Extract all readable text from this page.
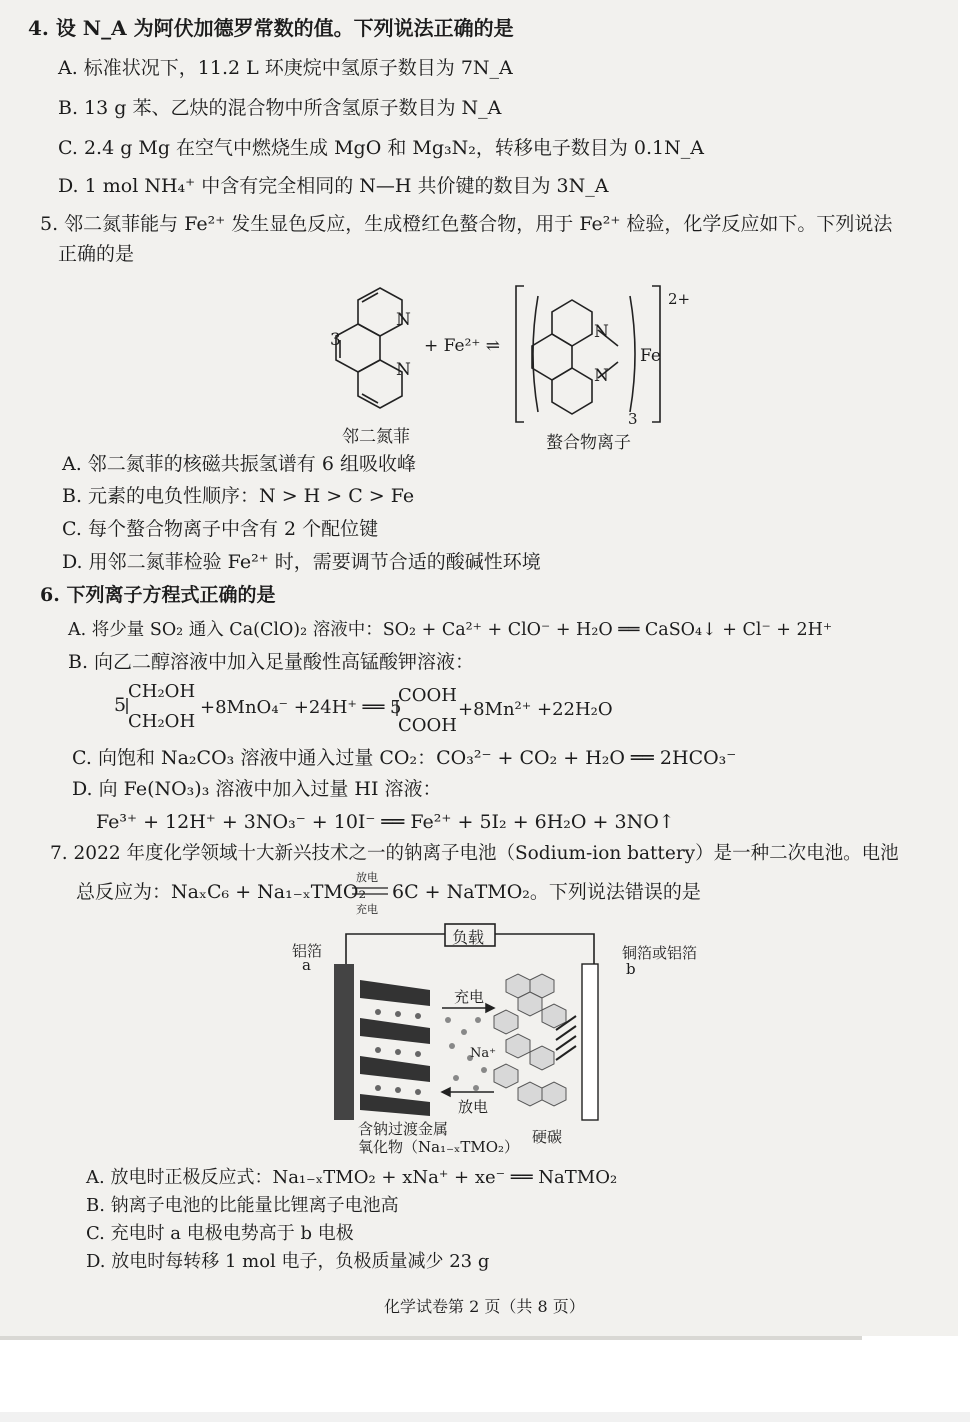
4. 设 N_A 为阿伏加德罗常数的值。下列说法正确的是
A. 标准状况下，11.2 L 环庚烷中氢原子数目为 7N_A
B. 13 g 苯、乙炔的混合物中所含氢原子数目为 N_A
C. 2.4 g Mg 在空气中燃烧生成 MgO 和 Mg₃N₂，转移电子数目为 0.1N_A
D. 1 mol NH₄⁺ 中含有完全相同的 N—H 共价键的数目为 3N_A
5. 邻二氮菲能与 Fe²⁺ 发生显色反应，生成橙红色螯合物，用于 Fe²⁺ 检验，化学反应如下。下列说法
正确的是
N
N
3	+ Fe²⁺ ⇌
邻二氮菲
N
N
Fe
2+
3
螯合物离子
A. 邻二氮菲的核磁共振氢谱有 6 组吸收峰
B. 元素的电负性顺序：N > H > C > Fe
C. 每个螯合物离子中含有 2 个配位键
D. 用邻二氮菲检验 Fe²⁺ 时，需要调节合适的酸碱性环境
6. 下列离子方程式正确的是
A. 将少量 SO₂ 通入 Ca(ClO)₂ 溶液中：SO₂ + Ca²⁺ + ClO⁻ + H₂O ══ CaSO₄↓ + Cl⁻ + 2H⁺
B. 向乙二醇溶液中加入足量酸性高锰酸钾溶液：
5
CH₂OH
CH₂OH
+8MnO₄⁻ +24H⁺ ══ 5
COOH
COOH
+8Mn²⁺ +22H₂O
C. 向饱和 Na₂CO₃ 溶液中通入过量 CO₂：CO₃²⁻ + CO₂ + H₂O ══ 2HCO₃⁻
D. 向 Fe(NO₃)₃ 溶液中加入过量 HI 溶液：
Fe³⁺ + 12H⁺ + 3NO₃⁻ + 10I⁻ ══ Fe²⁺ + 5I₂ + 6H₂O + 3NO↑
7. 2022 年度化学领域十大新兴技术之一的钠离子电池（Sodium-ion battery）是一种二次电池。电池
总反应为：NaₓC₆ + Na₁₋ₓTMO₂
放电
充电
6C + NaTMO₂。下列说法错误的是
负载
铝箔
a
铜箔或铝箔
b
充电
Na⁺
放电
含钠过渡金属
氧化物（Na₁₋ₓTMO₂）
硬碳
A. 放电时正极反应式：Na₁₋ₓTMO₂ + xNa⁺ + xe⁻ ══ NaTMO₂
B. 钠离子电池的比能量比锂离子电池高
C. 充电时 a 电极电势高于 b 电极
D. 放电时每转移 1 mol 电子，负极质量减少 23 g
化学试卷第 2 页（共 8 页）
